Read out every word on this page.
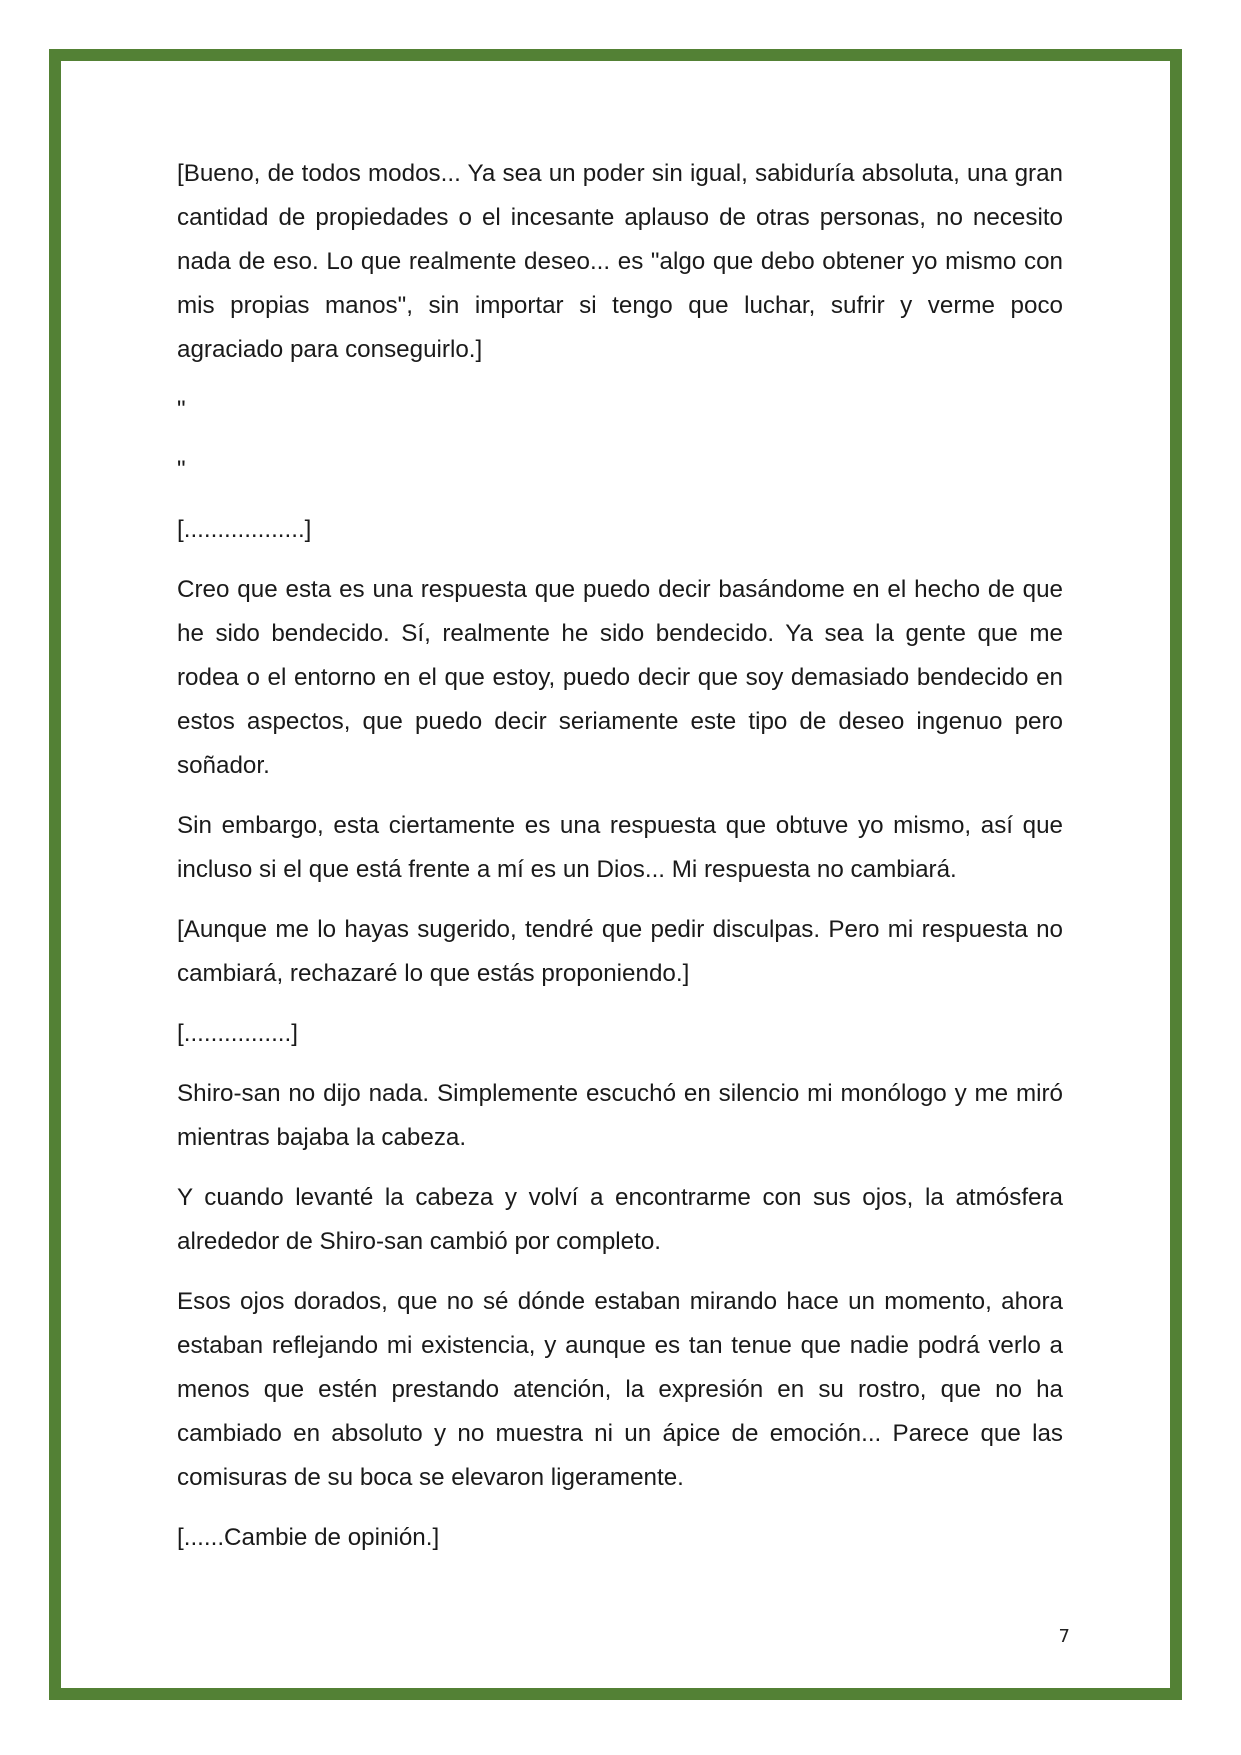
[Bueno, de todos modos... Ya sea un poder sin igual, sabiduría absoluta, una gran cantidad de propiedades o el incesante aplauso de otras personas, no necesito nada de eso. Lo que realmente deseo... es "algo que debo obtener yo mismo con mis propias manos", sin importar si tengo que luchar, sufrir y verme poco agraciado para conseguirlo.]

"

"

[..................]

Creo que esta es una respuesta que puedo decir basándome en el hecho de que he sido bendecido. Sí, realmente he sido bendecido. Ya sea la gente que me rodea o el entorno en el que estoy, puedo decir que soy demasiado bendecido en estos aspectos, que puedo decir seriamente este tipo de deseo ingenuo pero soñador.

Sin embargo, esta ciertamente es una respuesta que obtuve yo mismo, así que incluso si el que está frente a mí es un Dios... Mi respuesta no cambiará.

[Aunque me lo hayas sugerido, tendré que pedir disculpas. Pero mi respuesta no cambiará, rechazaré lo que estás proponiendo.]

[................]

Shiro-san no dijo nada. Simplemente escuchó en silencio mi monólogo y me miró mientras bajaba la cabeza.

Y cuando levanté la cabeza y volví a encontrarme con sus ojos, la atmósfera alrededor de Shiro-san cambió por completo.

Esos ojos dorados, que no sé dónde estaban mirando hace un momento, ahora estaban reflejando mi existencia, y aunque es tan tenue que nadie podrá verlo a menos que estén prestando atención, la expresión en su rostro, que no ha cambiado en absoluto y no muestra ni un ápice de emoción... Parece que las comisuras de su boca se elevaron ligeramente.

[......Cambie de opinión.]

7
